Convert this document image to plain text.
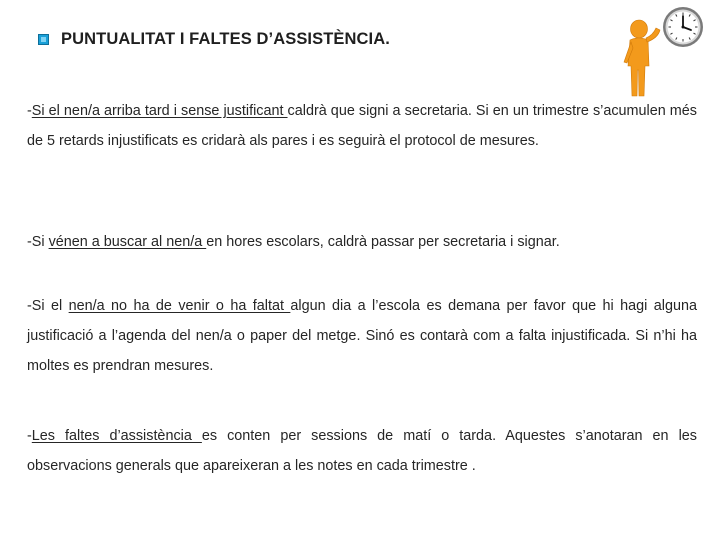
PUNTUALITAT I FALTES D’ASSISTÈNCIA.

-Si el nen/a arriba tard i sense justificant caldrà que signi a secretaria. Si en un trimestre s’acumulen més de 5 retards injustificats es cridarà als pares i es seguirà el protocol de mesures.

-Si vénen a buscar al nen/a en hores escolars, caldrà passar per secretaria i signar.

-Si el nen/a no ha de venir o ha faltat algun dia a l’escola es demana per favor que hi hagi alguna justificació a l’agenda del nen/a o paper del metge. Sinó es contarà com a falta injustificada. Si n’hi ha moltes es prendran mesures.

-Les faltes d’assistència es conten per sessions de matí o tarda. Aquestes s’anotaran en les observacions generals que apareixeran a les notes en cada trimestre .
